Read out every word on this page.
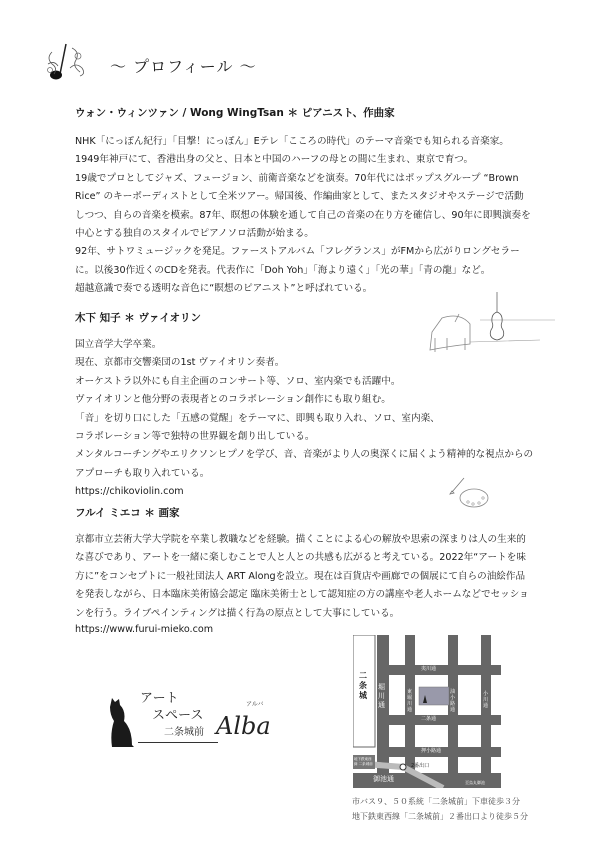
〜 プロフィール 〜
ウォン・ウィンツァン / Wong WingTsan ＊ ピアニスト、作曲家
NHK「にっぽん紀行」「目撃！にっぽん」Eテレ「こころの時代」のテーマ音楽でも知られる音楽家。
1949年神戸にて、香港出身の父と、日本と中国のハーフの母との間に生まれ、東京で育つ。
19歳でプロとしてジャズ、フュージョン、前衛音楽などを演奏。70年代にはポップスグループ “Brown
Rice” のキーボーディストとして全米ツアー。帰国後、作編曲家として、またスタジオやステージで活動
しつつ、自らの音楽を模索。87年、瞑想の体験を通して自己の音楽の在り方を確信し、90年に即興演奏を
中心とする独自のスタイルでピアノソロ活動が始まる。
92年、サトワミュージックを発足。ファーストアルバム「フレグランス」がFMから広がりロングセラー
に。以後30作近くのCDを発表。代表作に「Doh Yoh」「海より遠く」「光の華」「青の龍」など。
超越意識で奏でる透明な音色に“瞑想のピアニスト”と呼ばれている。
木下 知子 ＊ ヴァイオリン
国立音学大学卒業。
現在、京都市交響楽団の1st ヴァイオリン奏者。
オーケストラ以外にも自主企画のコンサート等、ソロ、室内楽でも活躍中。
ヴァイオリンと他分野の表現者とのコラボレーション創作にも取り組む。
「音」を切り口にした「五感の覚醒」をテーマに、即興も取り入れ、ソロ、室内楽、
コラボレーション等で独特の世界観を創り出している。
メンタルコーチングやエリクソンヒプノを学び、音、音楽がより人の奥深くに届くよう精神的な視点からの
アプローチも取り入れている。
https://chikoviolin.com
フルイ ミエコ ＊ 画家
京都市立芸術大学大学院を卒業し教職などを経験。描くことによる心の解放や思索の深まりは人の生来的
な喜びであり、アートを一緒に楽しむことで人と人との共感も広がると考えている。2022年“アートを味
方に”をコンセプトに一般社団法人 ART Alongを設立。現在は百貨店や画廊での個展にて自らの油絵作品
を発表しながら、日本臨床美術協会認定 臨床美術士として認知症の方の講座や老人ホームなどでセッショ
ンを行う。ライブペインティングは描く行為の原点として大事にしている。
https://www.furui-mieko.com
アート
スペース
二条城前 Alba
アルバ
二条城
夷川通
二条通
押小路通
御池通
堀川通
東堀川通
油小路通
小川通
地下鉄東西線 二条城前	2番出口
至烏丸御池
市バス９、５０系統「二条城前」下車徒歩３分
地下鉄東西線「二条城前」２番出口より徒歩５分
